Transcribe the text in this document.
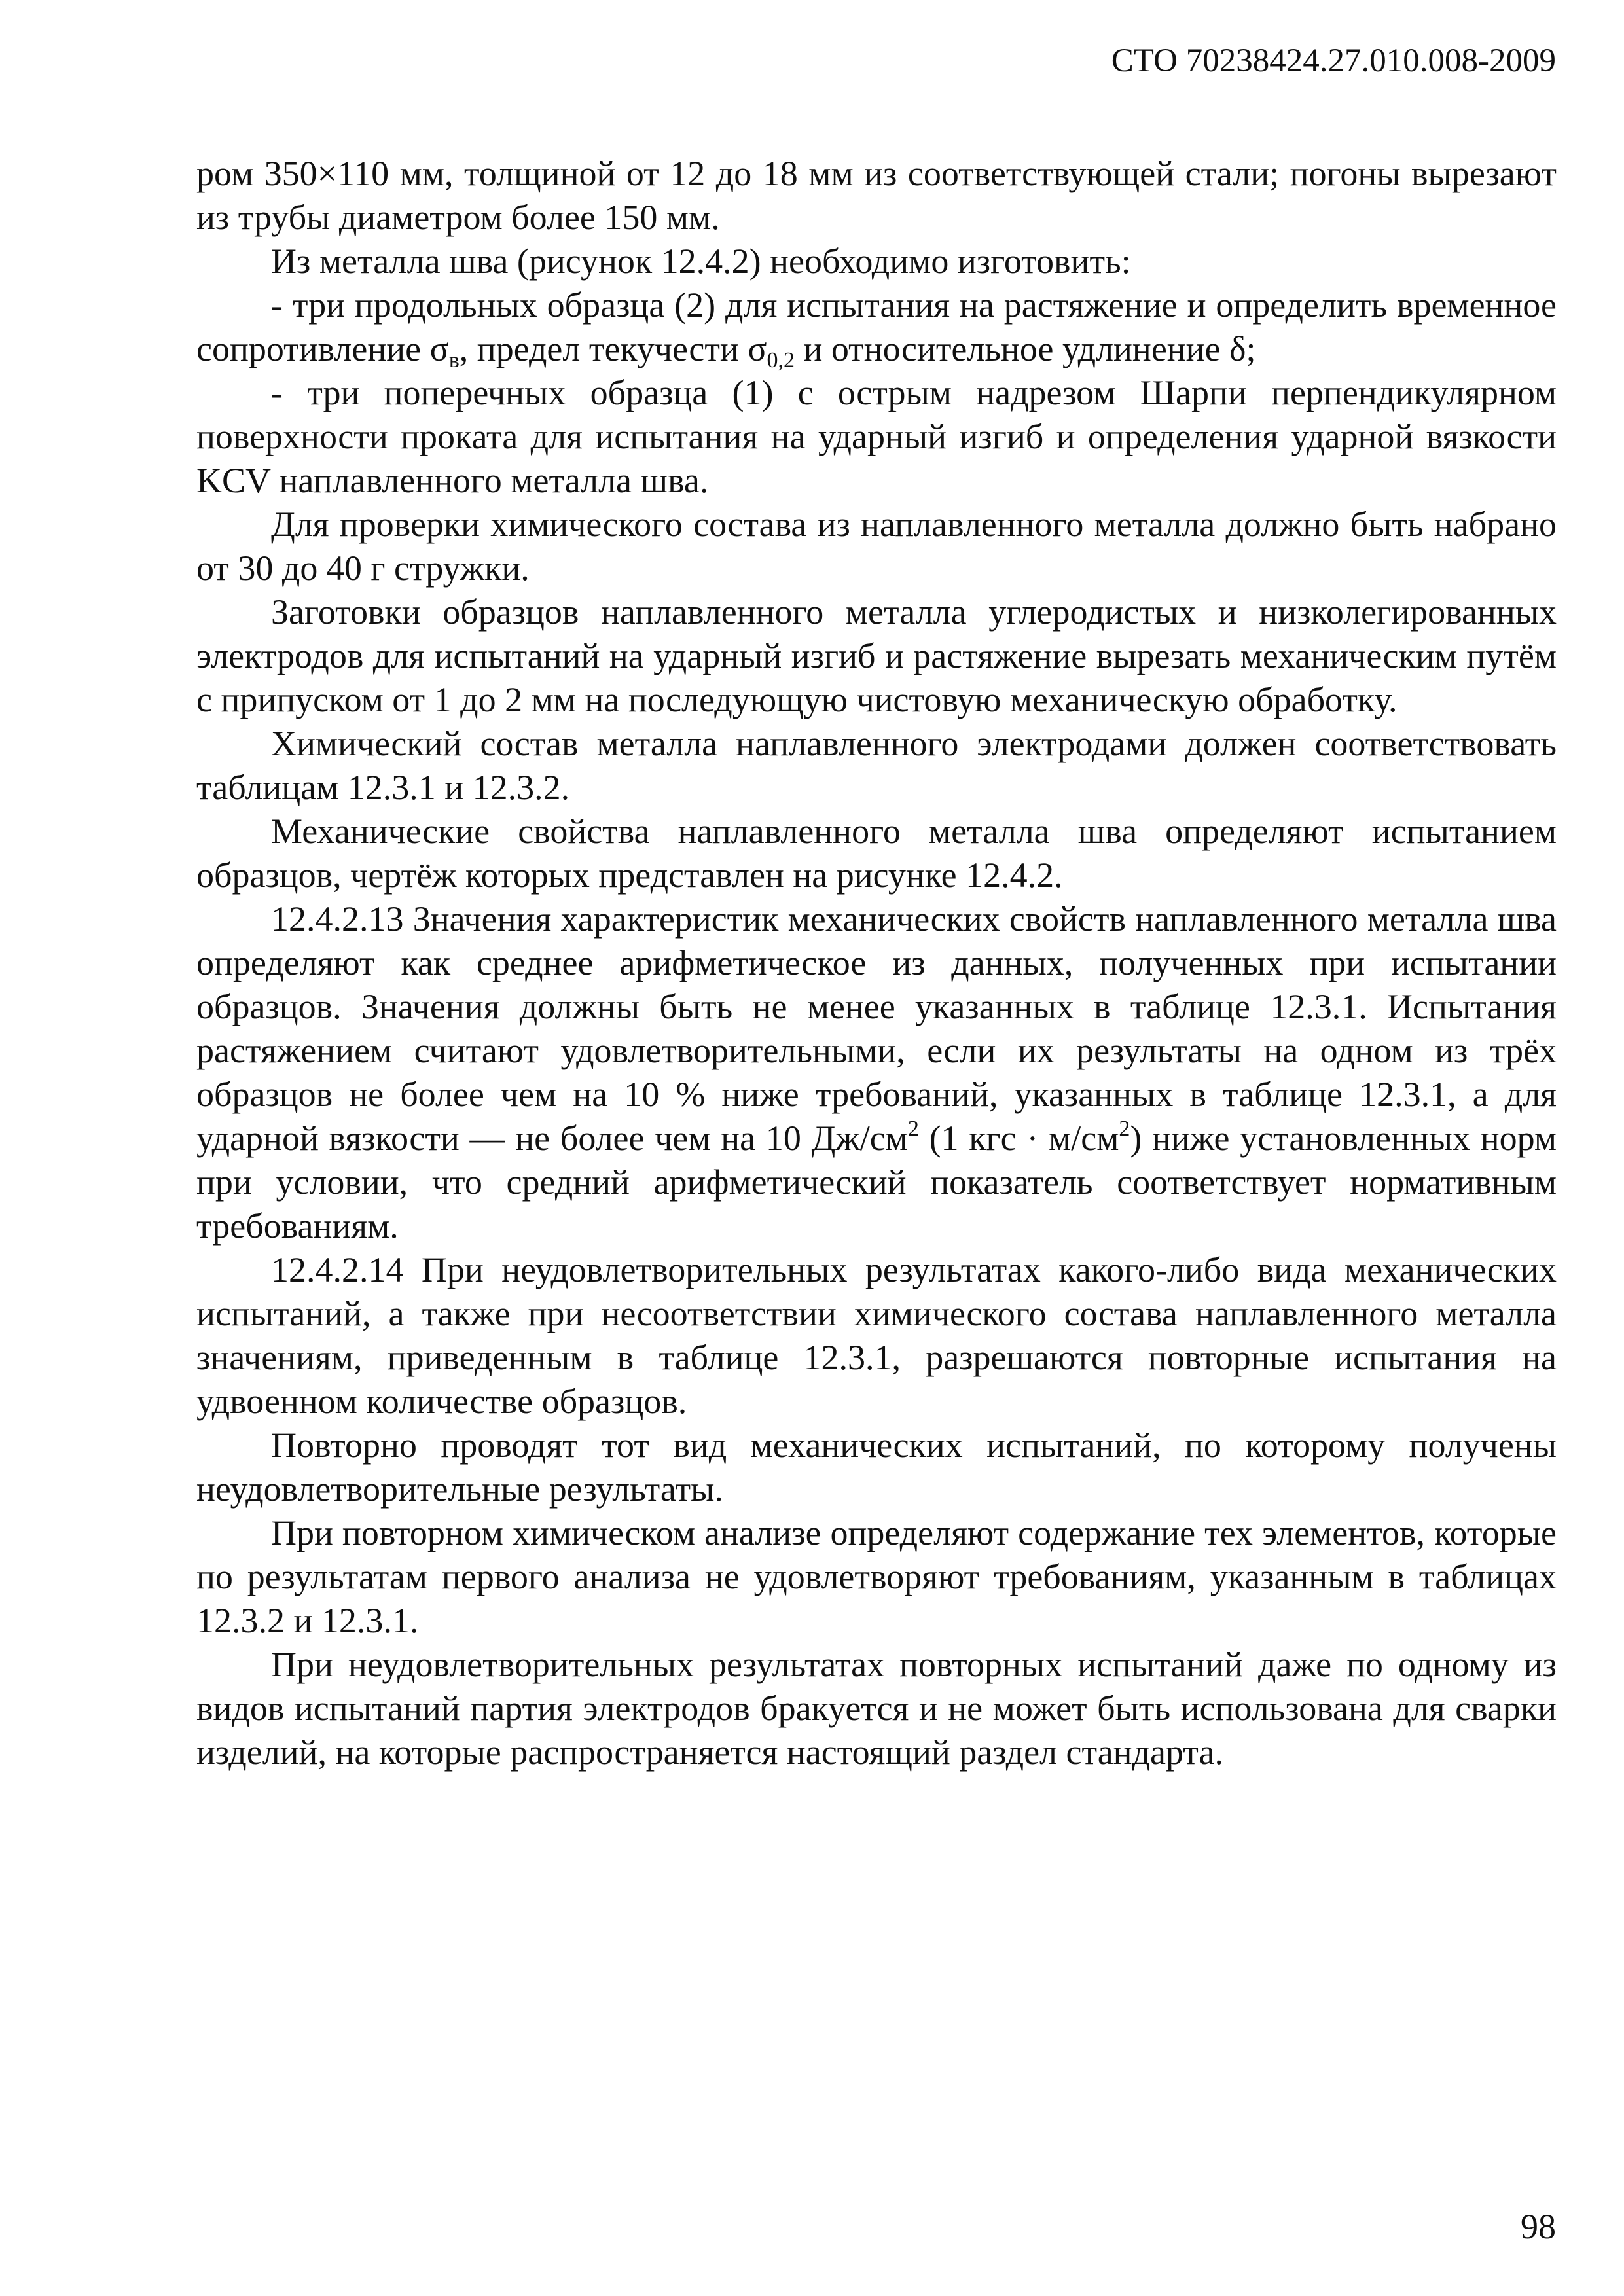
СТО 70238424.27.010.008-2009

ром 350×110 мм, толщиной от 12 до 18 мм из соответствующей стали; погоны вырезают из трубы диаметром более 150 мм.

Из металла шва (рисунок 12.4.2) необходимо изготовить:

- три продольных образца (2) для испытания на растяжение и определить временное сопротивление $\sigma_в$, предел текучести $\sigma_{0,2}$ и относительное удлинение δ;

- три поперечных образца (1) с острым надрезом Шарпи перпендикулярном поверхности проката для испытания на ударный изгиб и определения ударной вязкости KCV наплавленного металла шва.

Для проверки химического состава из наплавленного металла должно быть набрано от 30 до 40 г стружки.

Заготовки образцов наплавленного металла углеродистых и низколегированных электродов для испытаний на ударный изгиб и растяжение вырезать механическим путём с припуском от 1 до 2 мм на последующую чистовую механическую обработку.

Химический состав металла наплавленного электродами должен соответствовать таблицам 12.3.1 и 12.3.2.

Механические свойства наплавленного металла шва определяют испытанием образцов, чертёж которых представлен на рисунке 12.4.2.

12.4.2.13 Значения характеристик механических свойств наплавленного металла шва определяют как среднее арифметическое из данных, полученных при испытании образцов. Значения должны быть не менее указанных в таблице 12.3.1. Испытания растяжением считают удовлетворительными, если их результаты на одном из трёх образцов не более чем на 10 % ниже требований, указанных в таблице 12.3.1, а для ударной вязкости — не более чем на 10 $Дж/см^2$ (1 кгс · $м/см^2$) ниже установленных норм при условии, что средний арифметический показатель соответствует нормативным требованиям.

12.4.2.14 При неудовлетворительных результатах какого-либо вида механических испытаний, а также при несоответствии химического состава наплавленного металла значениям, приведенным в таблице 12.3.1, разрешаются повторные испытания на удвоенном количестве образцов.

Повторно проводят тот вид механических испытаний, по которому получены неудовлетворительные результаты.

При повторном химическом анализе определяют содержание тех элементов, которые по результатам первого анализа не удовлетворяют требованиям, указанным в таблицах 12.3.2 и 12.3.1.

При неудовлетворительных результатах повторных испытаний даже по одному из видов испытаний партия электродов бракуется и не может быть использована для сварки изделий, на которые распространяется настоящий раздел стандарта.

98
